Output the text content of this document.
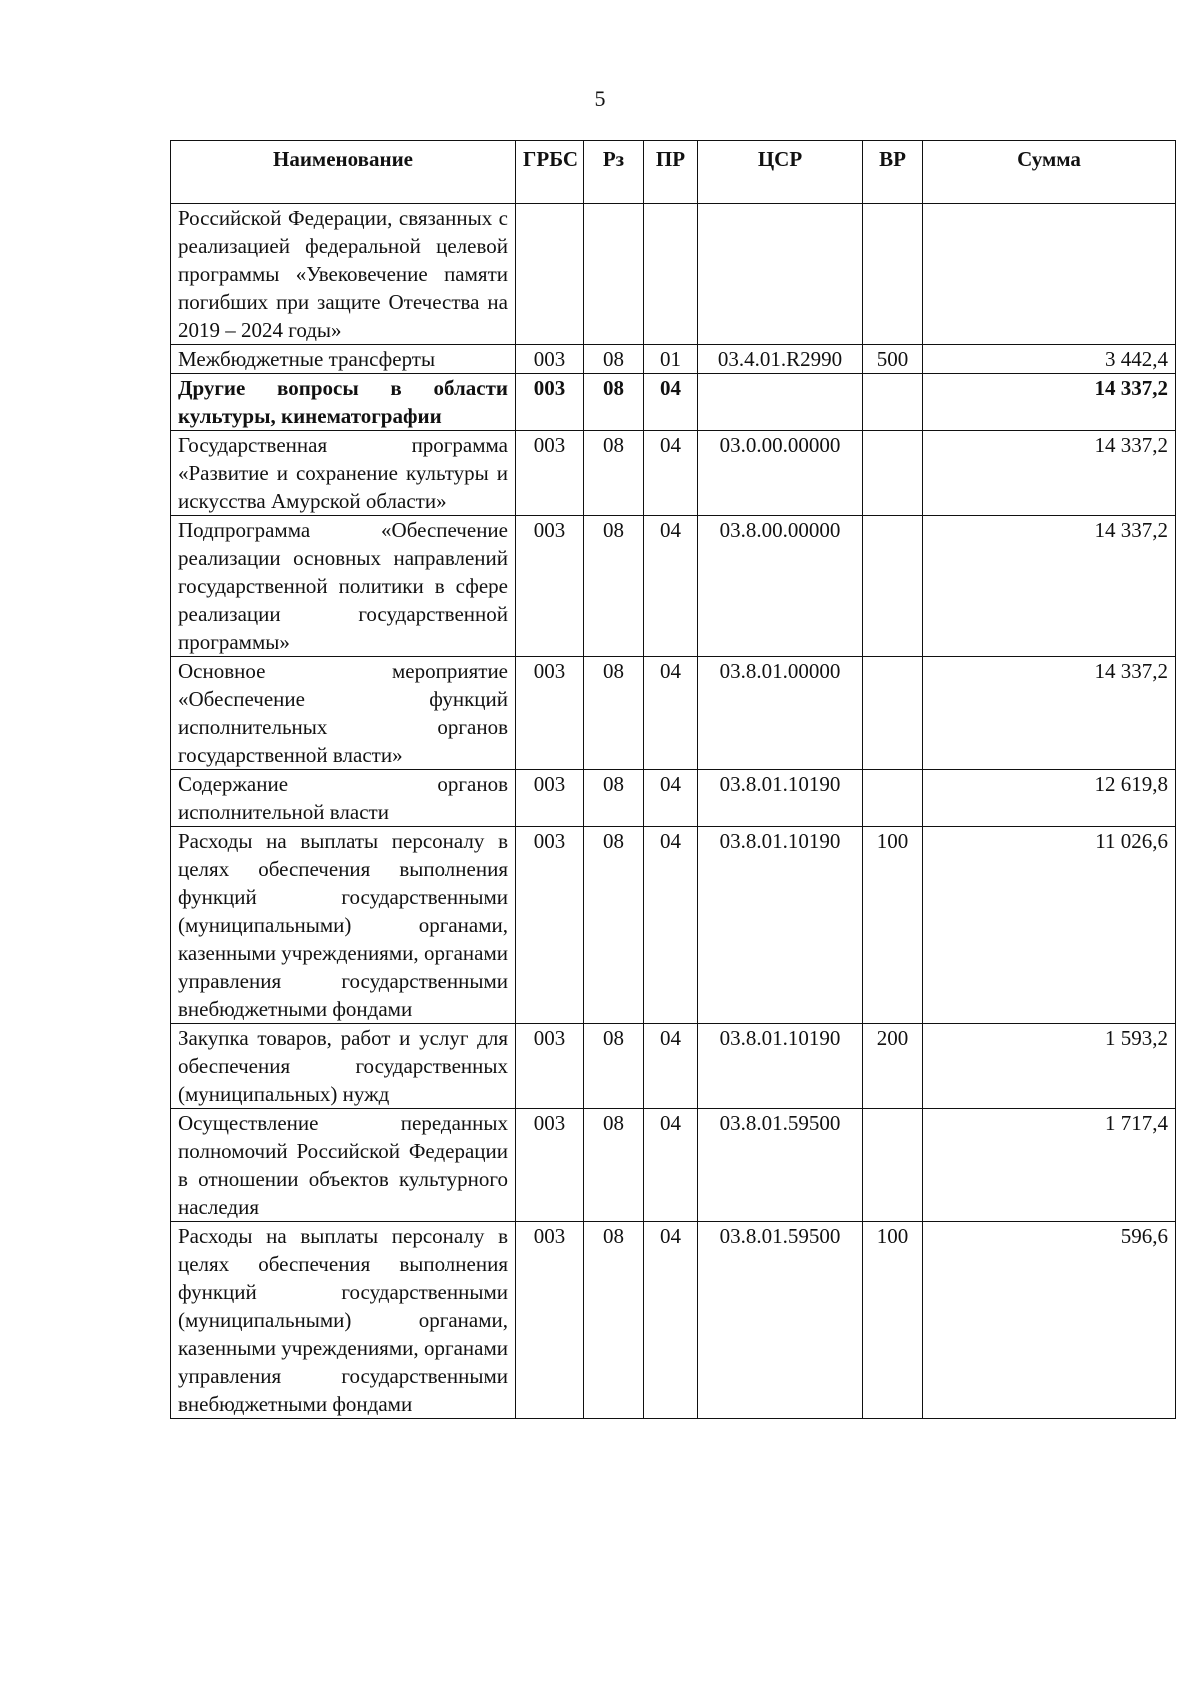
5
Наименование	ГРБС	Рз	ПР	ЦСР	ВР	Сумма
Российской Федерации, связанных с реализацией федеральной целевой программы «Увековечение памяти погибших при защите Отечества на 2019 – 2024 годы»						
Межбюджетные трансферты	003	08	01	03.4.01.R2990	500	3 442,4
Другие вопросы в области культуры, кинематографии	003	08	04			14 337,2
Государственная программа «Развитие и сохранение культуры и искусства Амурской области»	003	08	04	03.0.00.00000		14 337,2
Подпрограмма «Обеспечение реализации основных направлений государственной политики в сфере реализации государственной программы»	003	08	04	03.8.00.00000		14 337,2
Основное мероприятие «Обеспечение функций исполнительных органов государственной власти»	003	08	04	03.8.01.00000		14 337,2
Содержание органов исполнительной власти	003	08	04	03.8.01.10190		12 619,8
Расходы на выплаты персоналу в целях обеспечения выполнения функций государственными (муниципальными) органами, казенными учреждениями, органами управления государственными внебюджетными фондами	003	08	04	03.8.01.10190	100	11 026,6
Закупка товаров, работ и услуг для обеспечения государственных (муниципальных) нужд	003	08	04	03.8.01.10190	200	1 593,2
Осуществление переданных полномочий Российской Федерации в отношении объектов культурного наследия	003	08	04	03.8.01.59500		1 717,4
Расходы на выплаты персоналу в целях обеспечения выполнения функций государственными (муниципальными) органами, казенными учреждениями, органами управления государственными внебюджетными фондами	003	08	04	03.8.01.59500	100	596,6
